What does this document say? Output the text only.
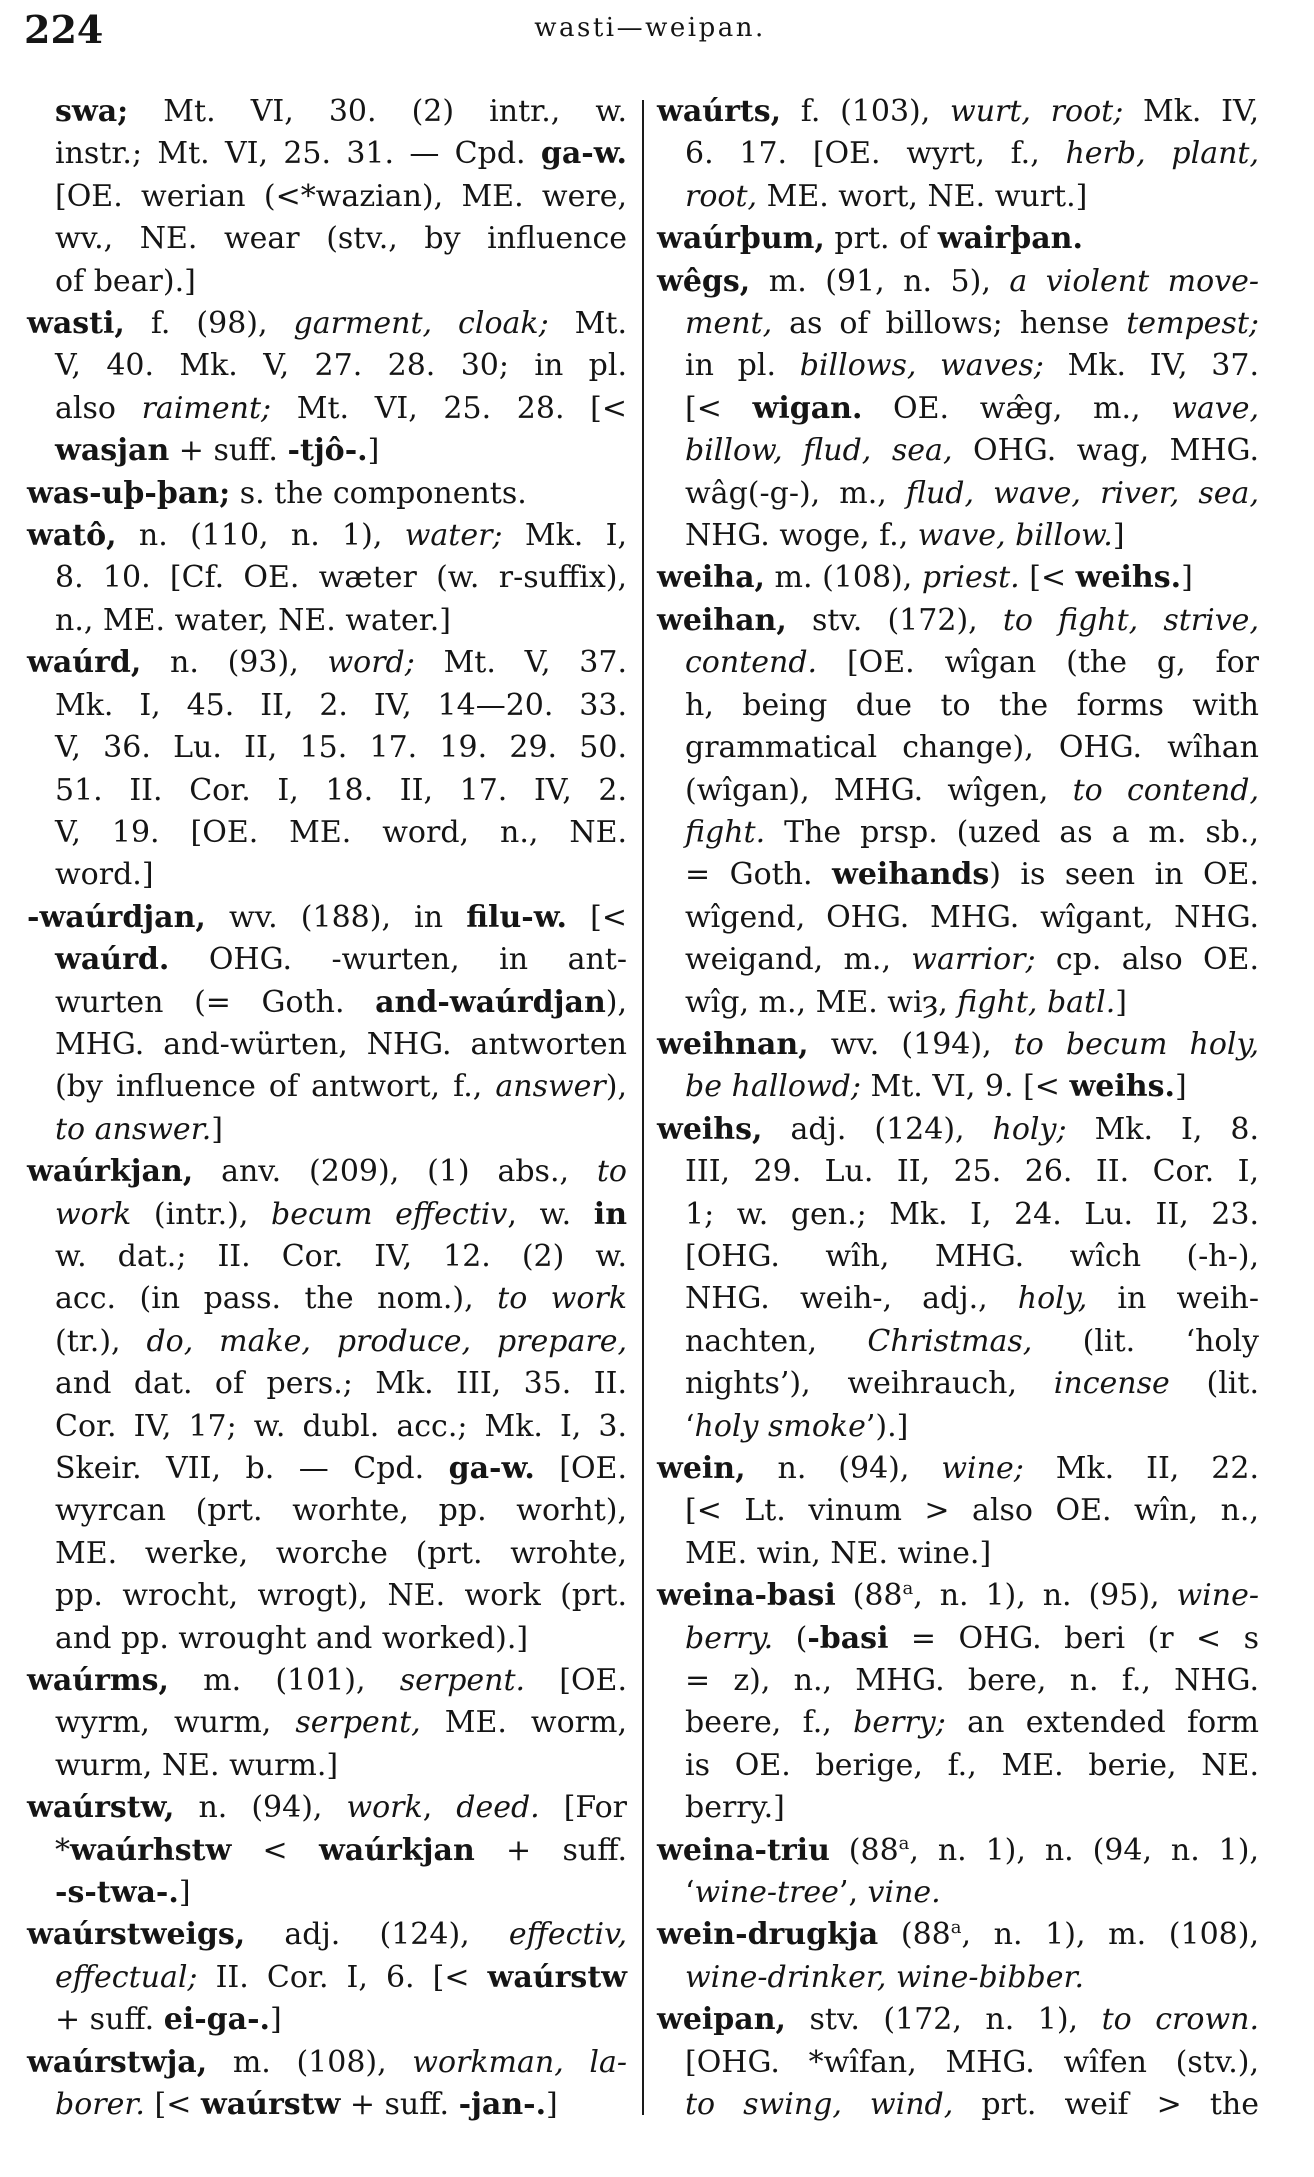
224	wasti—weipan.
swa; Mt. VI, 30. (2) intr., w.
instr.; Mt. VI, 25. 31. — Cpd. ga-w.
[OE. werian (<*wazian), ME. were,
wv., NE. wear (stv., by influence
of bear).]
wasti, f. (98), garment, cloak; Mt.
V, 40. Mk. V, 27. 28. 30; in pl.
also raiment; Mt. VI, 25. 28. [<
wasjan + suff. -tjô-.]
was-uþ-þan; s. the components.
watô, n. (110, n. 1), water; Mk. I,
8. 10. [Cf. OE. wæter (w. r-suffix),
n., ME. water, NE. water.]
waúrd, n. (93), word; Mt. V, 37.
Mk. I, 45. II, 2. IV, 14—20. 33.
V, 36. Lu. II, 15. 17. 19. 29. 50.
51. II. Cor. I, 18. II, 17. IV, 2.
V, 19. [OE. ME. word, n., NE.
word.]
-waúrdjan, wv. (188), in filu-w. [<
waúrd. OHG. -wurten, in ant-
wurten (= Goth. and-waúrdjan),
MHG. and-würten, NHG. antworten
(by influence of antwort, f., answer),
to answer.]
waúrkjan, anv. (209), (1) abs., to
work (intr.), becum effectiv, w. in
w. dat.; II. Cor. IV, 12. (2) w.
acc. (in pass. the nom.), to work
(tr.), do, make, produce, prepare,
and dat. of pers.; Mk. III, 35. II.
Cor. IV, 17; w. dubl. acc.; Mk. I, 3.
Skeir. VII, b. — Cpd. ga-w. [OE.
wyrcan (prt. worhte, pp. worht),
ME. werke, worche (prt. wrohte,
pp. wrocht, wrogt), NE. work (prt.
and pp. wrought and worked).]
waúrms, m. (101), serpent. [OE.
wyrm, wurm, serpent, ME. worm,
wurm, NE. wurm.]
waúrstw, n. (94), work, deed. [For
*waúrhstw < waúrkjan + suff.
-s-twa-.]
waúrstweigs, adj. (124), effectiv,
effectual; II. Cor. I, 6. [< waúrstw
+ suff. ei-ga-.]
waúrstwja, m. (108), workman, la-
borer. [< waúrstw + suff. -jan-.]
waúrts, f. (103), wurt, root; Mk. IV,
6. 17. [OE. wyrt, f., herb, plant,
root, ME. wort, NE. wurt.]
waúrþum, prt. of wairþan.
wêgs, m. (91, n. 5), a violent move-
ment, as of billows; hense tempest;
in pl. billows, waves; Mk. IV, 37.
[< wigan. OE. wæ̂g, m., wave,
billow, flud, sea, OHG. wag, MHG.
wâg(-g-), m., flud, wave, river, sea,
NHG. woge, f., wave, billow.]
weiha, m. (108), priest. [< weihs.]
weihan, stv. (172), to fight, strive,
contend. [OE. wîgan (the g, for
h, being due to the forms with
grammatical change), OHG. wîhan
(wîgan), MHG. wîgen, to contend,
fight. The prsp. (uzed as a m. sb.,
= Goth. weihands) is seen in OE.
wîgend, OHG. MHG. wîgant, NHG.
weigand, m., warrior; cp. also OE.
wîg, m., ME. wiȝ, fight, batl.]
weihnan, wv. (194), to becum holy,
be hallowd; Mt. VI, 9. [< weihs.]
weihs, adj. (124), holy; Mk. I, 8.
III, 29. Lu. II, 25. 26. II. Cor. I,
1; w. gen.; Mk. I, 24. Lu. II, 23.
[OHG. wîh, MHG. wîch (-h-),
NHG. weih-, adj., holy, in weih-
nachten, Christmas, (lit. ‘holy
nights’), weihrauch, incense (lit.
‘holy smoke’).]
wein, n. (94), wine; Mk. II, 22.
[< Lt. vinum > also OE. wîn, n.,
ME. win, NE. wine.]
weina-basi (88$^a$, n. 1), n. (95), wine-
berry. (-basi = OHG. beri (r < s
= z), n., MHG. bere, n. f., NHG.
beere, f., berry; an extended form
is OE. berige, f., ME. berie, NE.
berry.]
weina-triu (88$^a$, n. 1), n. (94, n. 1),
‘wine-tree’, vine.
wein-drugkja (88$^a$, n. 1), m. (108),
wine-drinker, wine-bibber.
weipan, stv. (172, n. 1), to crown.
[OHG. *wîfan, MHG. wîfen (stv.),
to swing, wind, prt. weif > the
